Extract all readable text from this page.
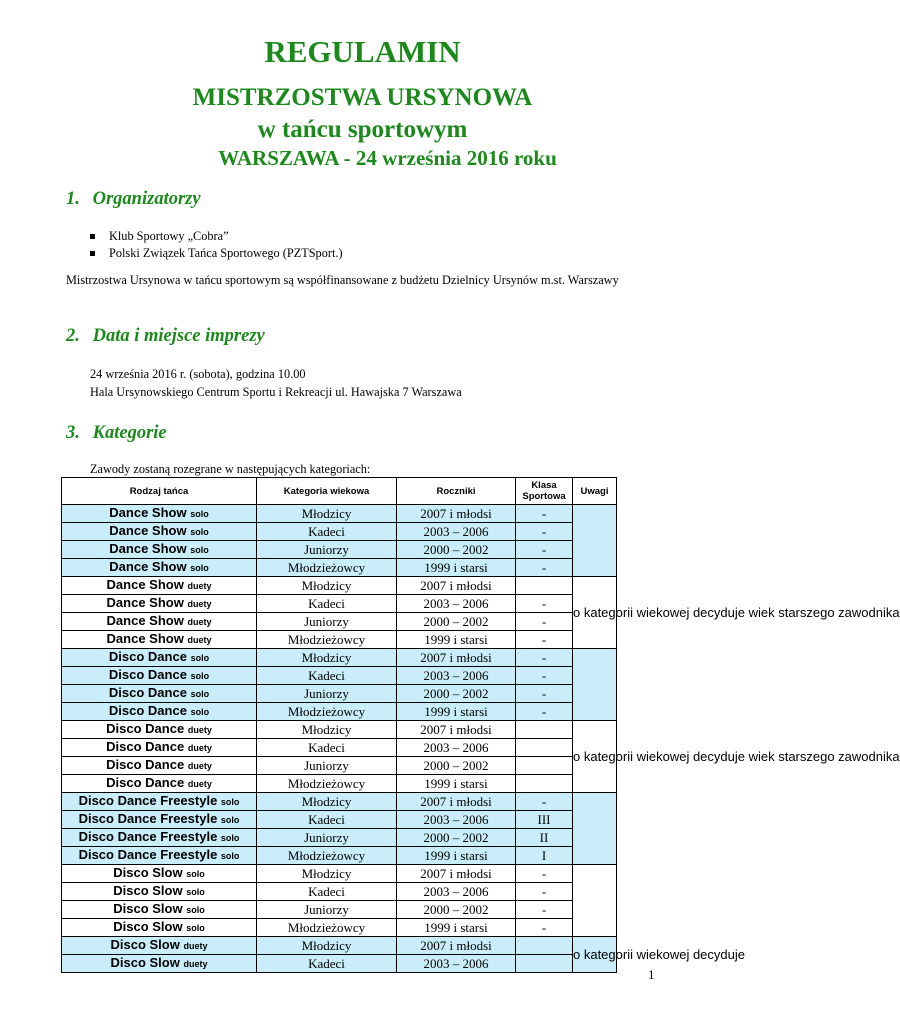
REGULAMIN
MISTRZOSTWA URSYNOWA
w tańcu sportowym
WARSZAWA - 24 września 2016 roku
1. Organizatorzy
Klub Sportowy „Cobra”
Polski Związek Tańca Sportowego (PZTSport.)

Mistrzostwa Ursynowa w tańcu sportowym są współfinansowane z budżetu Dzielnicy Ursynów m.st. Warszawy

2. Data i miejsce imprezy

24 września 2016 r. (sobota), godzina 10.00

Hala Ursynowskiego Centrum Sportu i Rekreacji ul. Hawajska 7 Warszawa

3. Kategorie

Zawody zostaną rozegrane w następujących kategoriach:

Rodzaj tańca	Kategoria wiekowa	Roczniki	Klasa Sportowa	Uwagi
Dance Show solo	Młodzicy	2007 i młodsi	-	
Dance Show solo	Kadeci	2003 – 2006	-	
Dance Show solo	Juniorzy	2000 – 2002	-	
Dance Show solo	Młodzieżowcy	1999 i starsi	-	
Dance Show duety	Młodzicy	2007 i młodsi		o kategorii wiekowej decyduje wiek starszego zawodnika
Dance Show duety	Kadeci	2003 – 2006	-	
Dance Show duety	Juniorzy	2000 – 2002	-	
Dance Show duety	Młodzieżowcy	1999 i starsi	-	
Disco Dance solo	Młodzicy	2007 i młodsi	-	
Disco Dance solo	Kadeci	2003 – 2006	-	
Disco Dance solo	Juniorzy	2000 – 2002	-	
Disco Dance solo	Młodzieżowcy	1999 i starsi	-	
Disco Dance duety	Młodzicy	2007 i młodsi		o kategorii wiekowej decyduje wiek starszego zawodnika
Disco Dance duety	Kadeci	2003 – 2006		
Disco Dance duety	Juniorzy	2000 – 2002		
Disco Dance duety	Młodzieżowcy	1999 i starsi		
Disco Dance Freestyle solo	Młodzicy	2007 i młodsi	-	
Disco Dance Freestyle solo	Kadeci	2003 – 2006	III	
Disco Dance Freestyle solo	Juniorzy	2000 – 2002	II	
Disco Dance Freestyle solo	Młodzieżowcy	1999 i starsi	I	
Disco Slow solo	Młodzicy	2007 i młodsi	-	
Disco Slow solo	Kadeci	2003 – 2006	-	
Disco Slow solo	Juniorzy	2000 – 2002	-	
Disco Slow solo	Młodzieżowcy	1999 i starsi	-	
Disco Slow duety	Młodzicy	2007 i młodsi		o kategorii wiekowej decyduje
Disco Slow duety	Kadeci	2003 – 2006		

1
